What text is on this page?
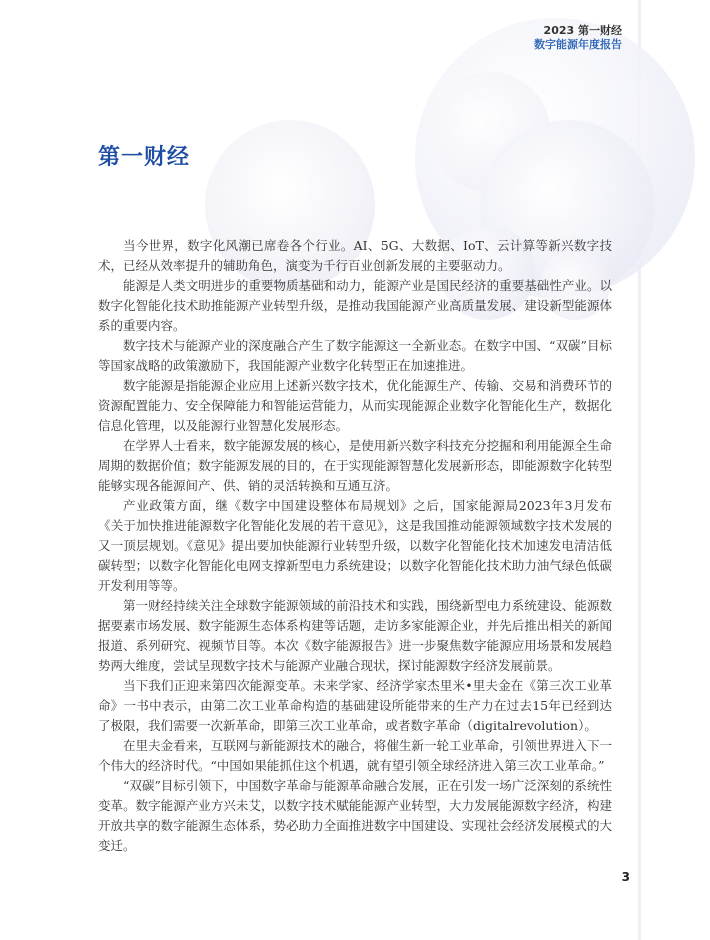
2023 第一财经
数字能源年度报告
第一财经

当今世界，数字化风潮已席卷各个行业。AI、5G、大数据、IoT、云计算等新兴数字技术，已经从效率提升的辅助角色，演变为千行百业创新发展的主要驱动力。

能源是人类文明进步的重要物质基础和动力，能源产业是国民经济的重要基础性产业。以数字化智能化技术助推能源产业转型升级，是推动我国能源产业高质量发展、建设新型能源体系的重要内容。

数字技术与能源产业的深度融合产生了数字能源这一全新业态。在数字中国、“双碳”目标等国家战略的政策激励下，我国能源产业数字化转型正在加速推进。

数字能源是指能源企业应用上述新兴数字技术，优化能源生产、传输、交易和消费环节的资源配置能力、安全保障能力和智能运营能力，从而实现能源企业数字化智能化生产，数据化信息化管理，以及能源行业智慧化发展形态。

在学界人士看来，数字能源发展的核心，是使用新兴数字科技充分挖掘和利用能源全生命周期的数据价值；数字能源发展的目的，在于实现能源智慧化发展新形态，即能源数字化转型能够实现各能源间产、供、销的灵活转换和互通互济。

产业政策方面，继《数字中国建设整体布局规划》之后，国家能源局2023年3月发布《关于加快推进能源数字化智能化发展的若干意见》，这是我国推动能源领域数字技术发展的又一顶层规划。《意见》提出要加快能源行业转型升级，以数字化智能化技术加速发电清洁低碳转型；以数字化智能化电网支撑新型电力系统建设；以数字化智能化技术助力油气绿色低碳开发利用等等。

第一财经持续关注全球数字能源领域的前沿技术和实践，围绕新型电力系统建设、能源数据要素市场发展、数字能源生态体系构建等话题，走访多家能源企业，并先后推出相关的新闻报道、系列研究、视频节目等。本次《数字能源报告》进一步聚焦数字能源应用场景和发展趋势两大维度，尝试呈现数字技术与能源产业融合现状，探讨能源数字经济发展前景。

当下我们正迎来第四次能源变革。未来学家、经济学家杰里米•里夫金在《第三次工业革命》一书中表示，由第二次工业革命构造的基础建设所能带来的生产力在过去15年已经到达了极限，我们需要一次新革命，即第三次工业革命，或者数字革命（digitalrevolution）。

在里夫金看来，互联网与新能源技术的融合，将催生新一轮工业革命，引领世界进入下一个伟大的经济时代。“中国如果能抓住这个机遇，就有望引领全球经济进入第三次工业革命。”

“双碳”目标引领下，中国数字革命与能源革命融合发展，正在引发一场广泛深刻的系统性变革。数字能源产业方兴未艾，以数字技术赋能能源产业转型，大力发展能源数字经济，构建开放共享的数字能源生态体系，势必助力全面推进数字中国建设、实现社会经济发展模式的大变迁。

3
